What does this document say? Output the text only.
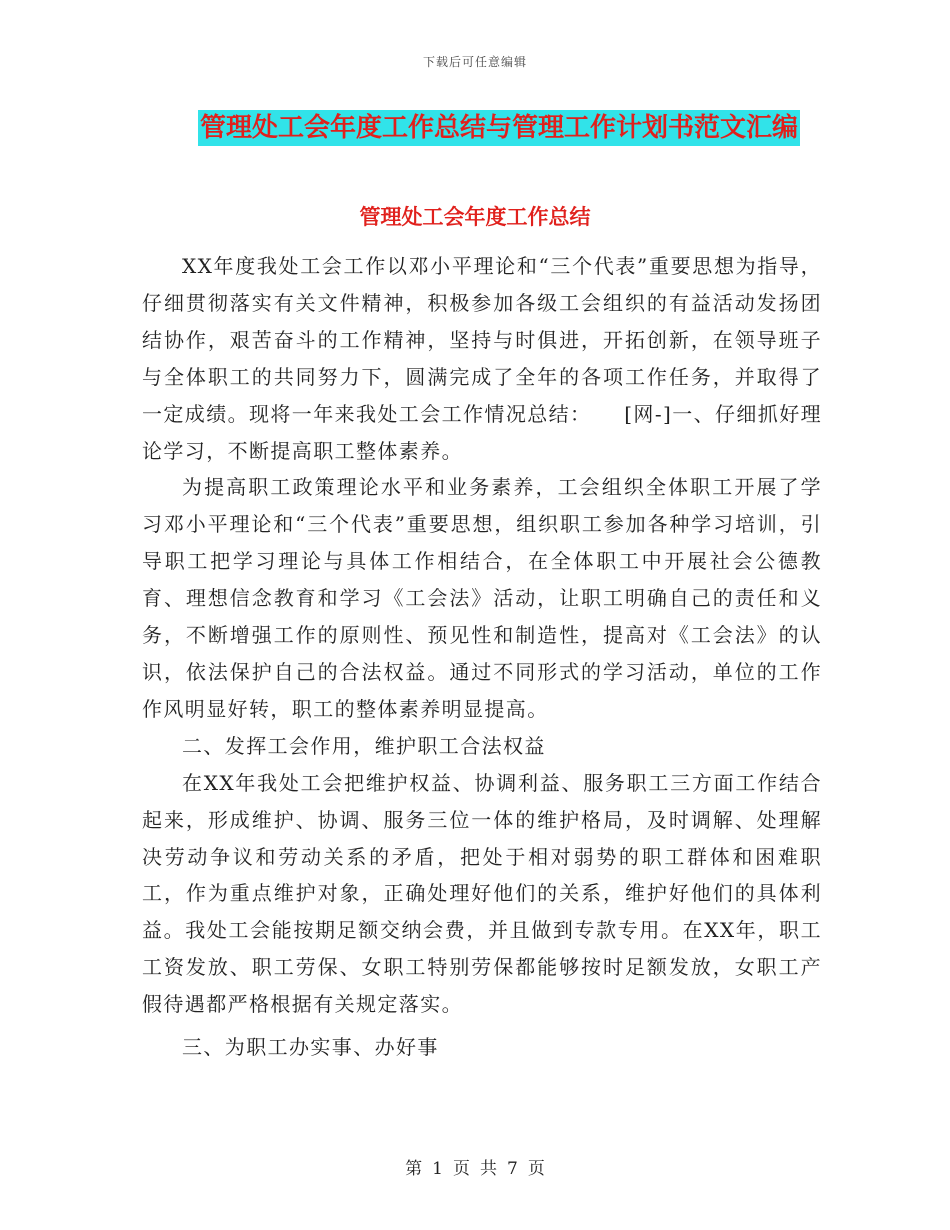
下载后可任意编辑
管理处工会年度工作总结与管理工作计划书范文汇编
管理处工会年度工作总结

XX年度我处工会工作以邓小平理论和“三个代表”重要思想为指导，仔细贯彻落实有关文件精神，积极参加各级工会组织的有益活动发扬团结协作，艰苦奋斗的工作精神，坚持与时俱进，开拓创新，在领导班子与全体职工的共同努力下，圆满完成了全年的各项工作任务，并取得了一定成绩。现将一年来我处工会工作情况总结：　　[网-]一、仔细抓好理论学习，不断提高职工整体素养。

为提高职工政策理论水平和业务素养，工会组织全体职工开展了学习邓小平理论和“三个代表”重要思想，组织职工参加各种学习培训，引导职工把学习理论与具体工作相结合，在全体职工中开展社会公德教育、理想信念教育和学习《工会法》活动，让职工明确自己的责任和义务，不断增强工作的原则性、预见性和制造性，提高对《工会法》的认识，依法保护自己的合法权益。通过不同形式的学习活动，单位的工作作风明显好转，职工的整体素养明显提高。

二、发挥工会作用，维护职工合法权益

在XX年我处工会把维护权益、协调利益、服务职工三方面工作结合起来，形成维护、协调、服务三位一体的维护格局，及时调解、处理解决劳动争议和劳动关系的矛盾，把处于相对弱势的职工群体和困难职工，作为重点维护对象，正确处理好他们的关系，维护好他们的具体利益。我处工会能按期足额交纳会费，并且做到专款专用。在XX年，职工工资发放、职工劳保、女职工特别劳保都能够按时足额发放，女职工产假待遇都严格根据有关规定落实。

三、为职工办实事、办好事

第 1 页 共 7 页
